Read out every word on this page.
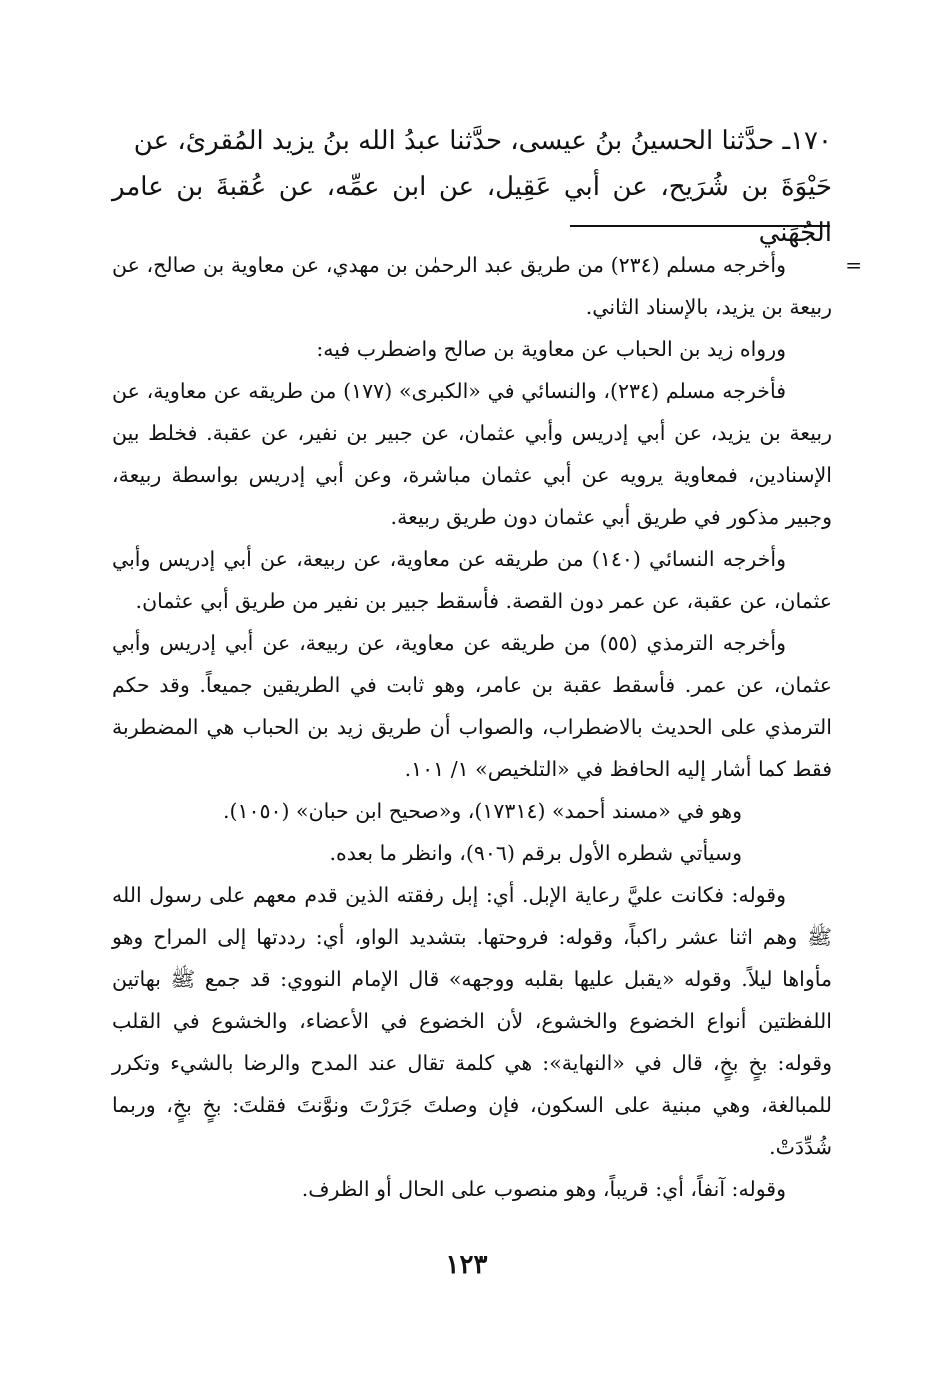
١٧٠ـ حدَّثنا الحسينُ بنُ عيسى، حدَّثنا عبدُ الله بنُ يزيد المُقرئ، عن

حَيْوَةَ بن شُرَيح، عن أبي عَقِيل، عن ابن عمِّه، عن عُقبةَ بن عامر الجُهَني

=

وأخرجه مسلم (٢٣٤) من طريق عبد الرحمٰن بن مهدي، عن معاوية بن صالح، عن ربيعة بن يزيد، بالإسناد الثاني.

ورواه زيد بن الحباب عن معاوية بن صالح واضطرب فيه:

فأخرجه مسلم (٢٣٤)، والنسائي في «الكبرى» (١٧٧) من طريقه عن معاوية، عن ربيعة بن يزيد، عن أبي إدريس وأبي عثمان، عن جبير بن نفير، عن عقبة. فخلط بين الإسنادين، فمعاوية يرويه عن أبي عثمان مباشرة، وعن أبي إدريس بواسطة ربيعة، وجبير مذكور في طريق أبي عثمان دون طريق ربيعة.

وأخرجه النسائي (١٤٠) من طريقه عن معاوية، عن ربيعة، عن أبي إدريس وأبي عثمان، عن عقبة، عن عمر دون القصة. فأسقط جبير بن نفير من طريق أبي عثمان.

وأخرجه الترمذي (٥٥) من طريقه عن معاوية، عن ربيعة، عن أبي إدريس وأبي عثمان، عن عمر. فأسقط عقبة بن عامر، وهو ثابت في الطريقين جميعاً. وقد حكم الترمذي على الحديث بالاضطراب، والصواب أن طريق زيد بن الحباب هي المضطربة فقط كما أشار إليه الحافظ في «التلخيص» ١/ ١٠١.

وهو في «مسند أحمد» (١٧٣١٤)، و«صحيح ابن حبان» (١٠٥٠).

وسيأتي شطره الأول برقم (٩٠٦)، وانظر ما بعده.

وقوله: فكانت عليَّ رعاية الإبل. أي: إبل رفقته الذين قدم معهم على رسول الله ﷺ وهم اثنا عشر راكباً، وقوله: فروحتها. بتشديد الواو، أي: رددتها إلى المراح وهو مأواها ليلاً. وقوله «يقبل عليها بقلبه ووجهه» قال الإمام النووي: قد جمع ﷺ بهاتين اللفظتين أنواع الخضوع والخشوع، لأن الخضوع في الأعضاء، والخشوع في القلب وقوله: بخٍ بخٍ، قال في «النهاية»: هي كلمة تقال عند المدح والرضا بالشيء وتكرر للمبالغة، وهي مبنية على السكون، فإن وصلتَ جَرَرْتَ ونوَّنتَ فقلتَ: بخٍ بخٍ، وربما شُدِّدَتْ.

وقوله: آنفاً، أي: قريباً، وهو منصوب على الحال أو الظرف.

١٢٣
